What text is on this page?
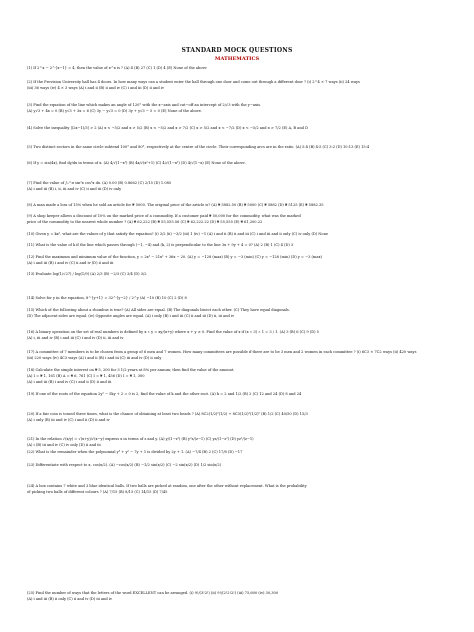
STANDARD MOCK QUESTIONS
MATHEMATICS
(1) If 2^x − 2^{x−1} = 4, then the value of x^x is ? (A) 4 (B) 27 (C) 1 (D) 4 (E) None of the above
(2) If the Provision University hall has 4 doors. In how many ways can a student enter the hall through one door and come out through a different door ? (i) 2^4 × 7 ways (ii) 24 ways
(iii) 36 ways (iv) 4 × 3 ways (A) i and ii (B) ii and iv (C) i and iii (D) ii and iv
(3) Find the equation of the line which makes an angle of 120° with the x−axis and cut−off an intercept of 2/√3 with the y−axis.
(A) y√3 + 4x = 0 (B) y√3 + 3x = 6 (C) 3y − y√3 = 0 (D) 3y + y√3 − 5 = 0 (E) None of the above.
(4) Solve the inequality |(2x−1)/3| > 2 (A) x < −5/2 and x > 5/2 (B) x < −5/2 and x > 7/2 (C) x > 5/2 and x < −7/2 (D) x < −5/2 and x > 7/2 (E) A, B and D
(5) Two distinct sectors in the same circle subtend 100° and 80°, respectively at the centre of the circle. Their corresponding arcs are in the ratio. (A) 5:4 (B) 4:5 (C) 3:2 (D) 10:13 (E) 15:4
(6) If y = sin(4x), find dy/dx in terms of x. (A) 4/√(1−x²) (B) 4x/√(x²+1) (C) 4/√(1−x²) (D) 4/√(1−x) (E) None of the above.
(7) Find the value of ∫₀^π sin²x cos³x dx. (A) 0.00 (B) 0.8662 (C) 2/15 (D) 1.085
(A) i and iii (B) i, ii, iii and iv (C) ii and iii (D) iv only
(8) A man made a loss of 15% when he sold an article for ₦ 5000. The original price of the article is? (A) ₦ 5882.50 (B) ₦ 5000 (C) ₦ 5882 (D) ₦ 5125 (E) ₦ 5882.35
(9) A shop keeper allows a discount of 10% on the marked price of a commodity. If a customer paid ₦ 50,000 for the commodity, what was the marked
price of the commodity to the nearest whole number ? (A) ₦ 62,222 (B) ₦ 55,555.56 (C) ₦ 62,222.22 (D) ₦ 55,555 (E) ₦ 61,200.22
(10) Given y = kx², what are the values of y that satisfy the equation? (i) 3/2 (ii) −3/2 (iii) 1 (iv) −1 (A) i and ii (B) ii and iii (C) i and iii and ii only (C) iv only (D) None
(11) What is the value of k if the line which passes through (−1, −4) and (k, 2) is perpendicular to the line 3x + 9y + 4 = 0? (A) 2 (B) 1 (C) 4 (D) 3
(12) Find the maximum and minimum value of the function, y = 2x³ − 21x² + 36x − 20. (A) y = −128 (max) (B) y = −3 (min) (C) y = −128 (min) (D) y = −3 (max)
(A) i and iii (B) i and iv (C) ii and iv (D) ii and iii
(13) Evaluate log(1/√27) / log(1/9) (A) 2/3 (B) −2/3 (C) 3/4 (D) 3/2
(14) Solve for y in the equation, 8^{y+1} = 32^{y−2} / 2^y (A) −10 (B) 10 (C) 2 (D) 8
(15) Which of the following about a rhombus is true? (A) All sides are equal. (B) The diagonals bisect each other. (C) They have equal diagonals.
(D) The adjacent sides are equal. (iv) Opposite angles are equal. (A) i only (B) i and iii (C) ii and iii (D) ii, iii and iv
(16) A binary operation on the set of real numbers is defined by x ∗ y = xy/(x+y) where x + y ≠ 0. Find the value of x if (x ∗ 3) ∗ 1 = 3 / 1. (A) 3 (B) 6 (C) 9 (D) 5
(A) i, iii and iv (B) i and iii (C) i and iv (D) ii, iii and iv
(17) A committee of 7 members is to be chosen from a group of 6 men and 7 women. How many committees are possible if there are to be 3 men and 2 women in each committee ? (i) 6C3 × 7C2 ways (ii) 420 ways
(iii) 220 ways (iv) 4C3 ways (A) i and ii (B) i and iii (C) iii and iv (D) ii only
(18) Calculate the simple interest on ₦ 5, 200 for 3 1/2 years at 8% per annum; then find the value of the amount.
(A) I = ₦ 1, 161 (B) A = ₦ 6, 761 (C) I = ₦ 1, 456 (D) I = ₦ 1, 300
(A) i and iii (B) i and iv (C) i and ii (D) ii and iii
(19) If one of the roots of the equation 2y² − 5ky + 2 = 0 is 2, find the value of k and the other root. (A) k = 2 and 1/2 (B) 2 (C) 12 and 24 (D) 8 and 24
(20) If a fair coin is tossed three times, what is the chance of obtaining at least two heads ? (A) 8C2(1/2)²(1/2) + 8C3(1/2)³(1/2)⁰ (B) 1/2 (C) 40/50 (D) 15/3
(A) i only (B) iii and iv (C) i and ii (D) ii and iv
(21) In the relation √(x/y) = √(x+y)/√(x−y) express x in terms of z and y. (A) y/(1−z²) (B) y²z/(z−1) (C) yz/(1−z²) (D) yz²/(z−1)
(A) i (B) iii and iv (C) iv only (D) ii and iii
(22) What is the remainder when the polynomial y³ + y² − 7y + 1 is divided by 2y + 1. (A) −7/4 (B) 2 (C) 17/8 (D) −17
(23) Differentiate with respect to x, cos(x/2). (A) −cos(x/2) (B) −1/2 sin(x/2) (C) −2 sin(x/2) (D) 1/2 sin(x/2)
(24) A box contains 7 white and 3 blue identical balls. If two balls are picked at random, one after the other without replacement. What is the probability
of picking two balls of different colours ? (A) 7/15 (B) 8/15 (C) 14/15 (D) 7/45
(25) Find the number of ways that the letters of the word EXCELLENT can be arranged. (i) 9!/(3!2!) (ii) 9!/(2!2!2!) (iii) 75,600 (iv) 30,300
(A) i and iii (B) ii only (C) ii and iv (D) iii and iv
